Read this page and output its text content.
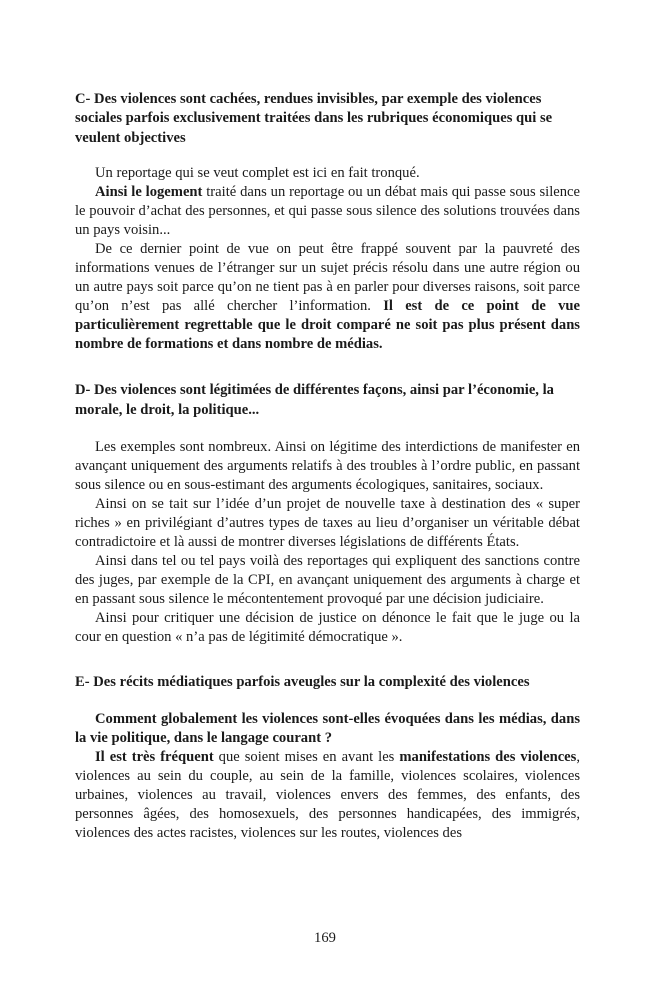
C- Des violences sont cachées, rendues invisibles, par exemple des violences sociales parfois exclusivement traitées dans les rubriques économiques qui se veulent objectives

Un reportage qui se veut complet est ici en fait tronqué.

Ainsi le logement traité dans un reportage ou un débat mais qui passe sous silence le pouvoir d’achat des personnes, et qui passe sous silence des solutions trouvées dans un pays voisin...

De ce dernier point de vue on peut être frappé souvent par la pauvreté des informations venues de l’étranger sur un sujet précis résolu dans une autre région ou un autre pays soit parce qu’on ne tient pas à en parler pour diverses raisons, soit parce qu’on n’est pas allé chercher l’information. Il est de ce point de vue particulièrement regrettable que le droit comparé ne soit pas plus présent dans nombre de formations et dans nombre de médias.

D- Des violences sont légitimées de différentes façons, ainsi par l’économie, la morale, le droit, la politique...

Les exemples sont nombreux. Ainsi on légitime des interdictions de manifester en avançant uniquement des arguments relatifs à des troubles à l’ordre public, en passant sous silence ou en sous-estimant des arguments écologiques, sanitaires, sociaux.

Ainsi on se tait sur l’idée d’un projet de nouvelle taxe à destination des « super riches » en privilégiant d’autres types de taxes au lieu d’organiser un véritable débat contradictoire et là aussi de montrer diverses législations de différents États.

Ainsi dans tel ou tel pays voilà des reportages qui expliquent des sanctions contre des juges, par exemple de la CPI, en avançant uniquement des arguments à charge et en passant sous silence le mécontentement provoqué par une décision judiciaire.

Ainsi pour critiquer une décision de justice on dénonce le fait que le juge ou la cour en question « n’a pas de légitimité démocratique ».

E- Des récits médiatiques parfois aveugles sur la complexité des violences

Comment globalement les violences sont-elles évoquées dans les médias, dans la vie politique, dans le langage courant ?

Il est très fréquent que soient mises en avant les manifestations des violences, violences au sein du couple, au sein de la famille, violences scolaires, violences urbaines, violences au travail, violences envers des femmes, des enfants, des personnes âgées, des homosexuels, des personnes handicapées, des immigrés, violences des actes racistes, violences sur les routes, violences des

169
